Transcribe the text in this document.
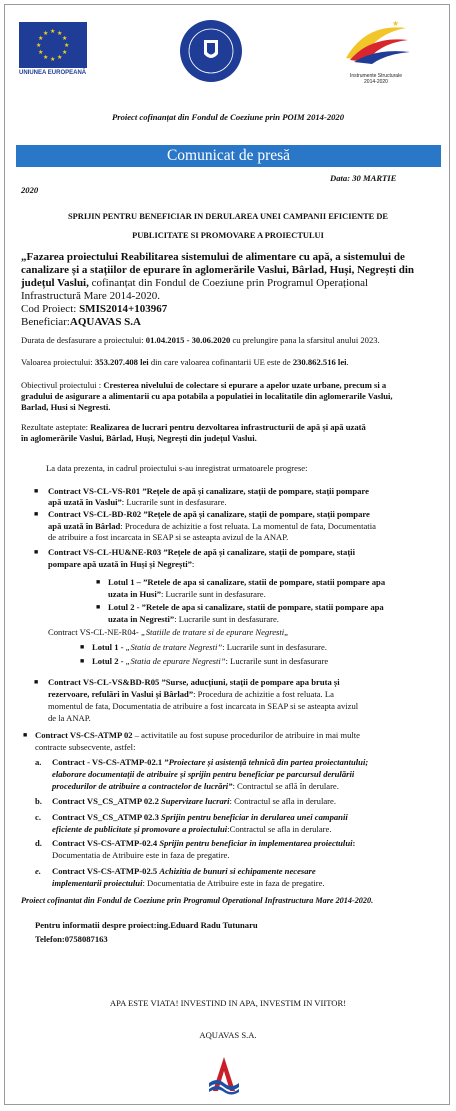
★ ★
★
★
★
★
★
★
★
★
★
★
UNIUNEA EUROPEANĂ
★
Instrumente Structurale
2014-2020
Proiect cofinanțat din Fondul de Coeziune prin POIM 2014-2020
Comunicat de presă
Data: 30 MARTIE
2020
SPRIJIN PENTRU BENEFICIAR IN DERULAREA UNEI CAMPANII EFICIENTE DE
PUBLICITATE SI PROMOVARE A PROIECTULUI
„Fazarea proiectului Reabilitarea sistemului de alimentare cu apă, a sistemului de
canalizare și a stațiilor de epurare în aglomerările Vaslui, Bârlad, Huși, Negrești din
județul Vaslui, cofinanțat din Fondul de Coeziune prin Programul Operațional
Infrastructură Mare 2014-2020.
Cod Proiect: SMIS2014+103967
Beneficiar:AQUAVAS S.A
Durata de desfasurare a proiectului: 01.04.2015 - 30.06.2020 cu prelungire pana la sfarsitul anului 2023.
Valoarea proiectului: 353.207.408 lei din care valoarea cofinantarii UE este de 230.862.516 lei.
Obiectivul proiectului : Cresterea nivelului de colectare si epurare a apelor uzate urbane, precum si a
gradului de asigurare a alimentarii cu apa potabila a populatiei in localitatile din aglomerarile Vaslui,
Barlad, Husi si Negresti.
Rezultate asteptate: Realizarea de lucrari pentru dezvoltarea infrastructurii de apă și apă uzată
în aglomerările Vaslui, Bârlad, Huși, Negrești din județul Vaslui.
La data prezenta, in cadrul proiectului s-au inregistrat urmatoarele progrese:
■ Contract VS-CL-VS-R01 ”Rețele de apă și canalizare, stații de pompare, stații pompare
apă uzată în Vaslui”: Lucrarile sunt in desfasurare.
■ Contract VS-CL-BD-R02 ”Rețele de apă și canalizare, stații de pompare, stații pompare
apă uzată în Bârlad: Procedura de achizitie a fost reluata. La momentul de fata, Documentatia
de atribuire a fost incarcata in SEAP si se asteapta avizul de la ANAP.
■ Contract VS-CL-HU&NE-R03 ”Rețele de apă și canalizare, stații de pompare, stații
pompare apă uzată în Huși și Negrești”:
■ Lotul 1 – ”Retele de apa si canalizare, statii de pompare, statii pompare apa
uzata in Husi”: Lucrarile sunt in desfasurare.
■ Lotul 2 - ”Retele de apa si canalizare, statii de pompare, statii pompare apa
uzata in Negresti”: Lucrarile sunt in desfasurare.
Contract VS-CL-NE-R04- „Statiile de tratare si de epurare Negresti„
■ Lotul 1 - „Statia de tratare Negresti”: Lucrarile sunt in desfasurare.
■ Lotul 2 - „Statia de epurare Negresti”: Lucrarile sunt in desfasurare
■ Contract VS-CL-VS&BD-R05 ”Surse, aducțiuni, stații de pompare apa bruta și
rezervoare, refulări în Vaslui și Bârlad”: Procedura de achizitie a fost reluata. La
momentul de fata, Documentatia de atribuire a fost incarcata in SEAP si se asteapta avizul
de la ANAP.
■ Contract VS-CS-ATMP 02 – activitatile au fost supuse procedurilor de atribuire in mai multe
contracte subsecvente, astfel:
a. Contract - VS-CS-ATMP-02.1 ”Proiectare și asistență tehnică din partea proiectantului;
elaborare documentații de atribuire și sprijin pentru beneficiar pe parcursul derulării
procedurilor de atribuire a contractelor de lucrări”: Contractul se află în derulare.
b. Contract VS_CS_ATMP 02.2 Supervizare lucrari: Contractul se afla in derulare.
c. Contract VS_CS_ATMP 02.3 Sprijin pentru beneficiar in derularea unei campanii
eficiente de publicitate și promovare a proiectului:Contractul se afla in derulare.
d. Contract VS-CS-ATMP-02.4 Sprijin pentru beneficiar in implementarea proiectului:
Documentatia de Atribuire este in faza de pregatire.
e. Contract VS-CS-ATMP-02.5 Achizitia de bunuri si echipamente necesare
implementarii proiectului: Documentatia de Atribuire este in faza de pregatire.
Proiect cofinantat din Fondul de Coeziune prin Programul Operational Infrastructura Mare 2014-2020.
Pentru informatii despre proiect:ing.Eduard Radu Tutunaru
Telefon:0758087163
APA ESTE VIATA! INVESTIND IN APA, INVESTIM IN VIITOR!
AQUAVAS S.A.
